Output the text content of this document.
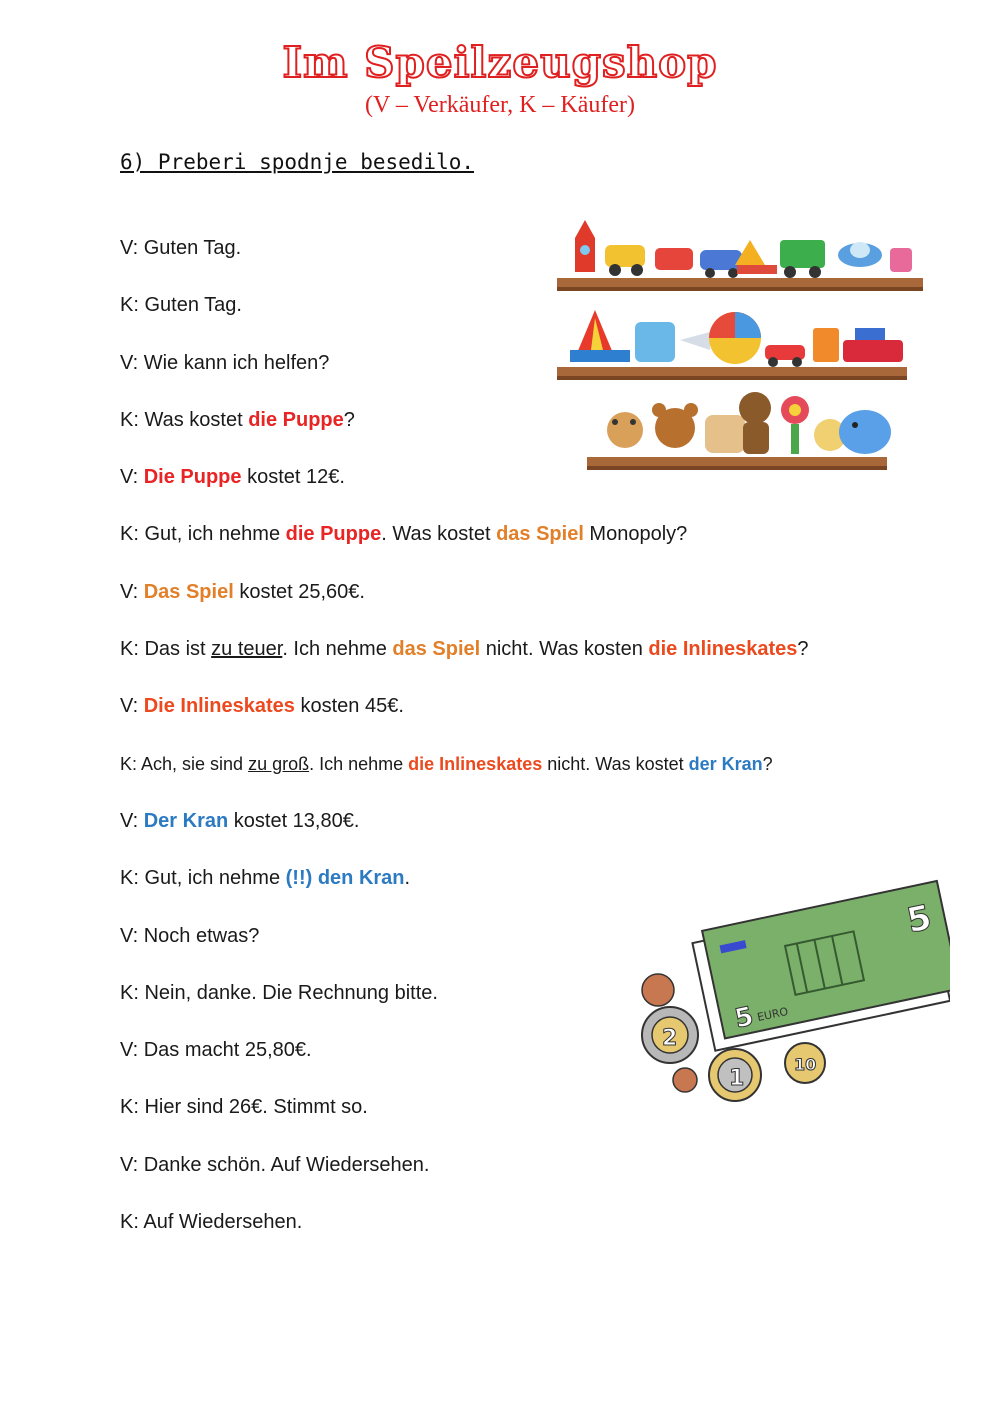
Im Speilzeugshop
(V – Verkäufer, K – Käufer)
6) Preberi spodnje besedilo.
V: Guten Tag.
K: Guten Tag.
V: Wie kann ich helfen?
K: Was kostet die Puppe?
V: Die Puppe kostet 12€.
K: Gut, ich nehme die Puppe. Was kostet das Spiel Monopoly?
V: Das Spiel kostet 25,60€.
K: Das ist zu teuer. Ich nehme das Spiel nicht. Was kosten die Inlineskates?
V: Die Inlineskates kosten 45€.
K: Ach, sie sind zu groß. Ich nehme die Inlineskates nicht. Was kostet der Kran?
V: Der Kran kostet 13,80€.
K: Gut, ich nehme (!!) den Kran.
V: Noch etwas?
K: Nein, danke. Die Rechnung bitte.
V: Das macht 25,80€.
K: Hier sind 26€. Stimmt so.
V: Danke schön. Auf Wiedersehen.
K: Auf Wiedersehen.
5
5 EURO
2
1
10
